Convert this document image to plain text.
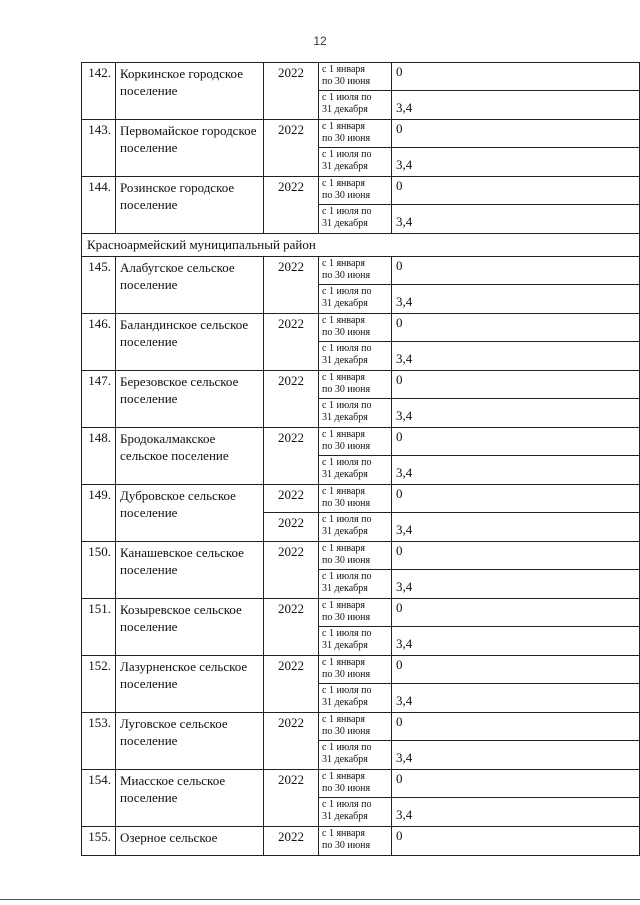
12
142.	Коркинское городское поселение	2022	с 1 января
по 30 июня	0
			с 1 июля по
31 декабря	3,4
143.	Первомайское городское поселение	2022	с 1 января
по 30 июня	0
			с 1 июля по
31 декабря	3,4
144.	Розинское городское поселение	2022	с 1 января
по 30 июня	0
			с 1 июля по
31 декабря	3,4
Красноармейский муниципальный район				
145.	Алабугское сельское поселение	2022	с 1 января
по 30 июня	0
			с 1 июля по
31 декабря	3,4
146.	Баландинское сельское поселение	2022	с 1 января
по 30 июня	0
			с 1 июля по
31 декабря	3,4
147.	Березовское сельское поселение	2022	с 1 января
по 30 июня	0
			с 1 июля по
31 декабря	3,4
148.	Бродокалмакское сельское поселение	2022	с 1 января
по 30 июня	0
			с 1 июля по
31 декабря	3,4
149.	Дубровское сельское поселение	2022	с 1 января
по 30 июня	0
		2022	с 1 июля по
31 декабря	3,4
150.	Канашевское сельское поселение	2022	с 1 января
по 30 июня	0
			с 1 июля по
31 декабря	3,4
151.	Козыревское сельское поселение	2022	с 1 января
по 30 июня	0
			с 1 июля по
31 декабря	3,4
152.	Лазурненское сельское поселение	2022	с 1 января
по 30 июня	0
			с 1 июля по
31 декабря	3,4
153.	Луговское сельское поселение	2022	с 1 января
по 30 июня	0
			с 1 июля по
31 декабря	3,4
154.	Миасское сельское поселение	2022	с 1 января
по 30 июня	0
			с 1 июля по
31 декабря	3,4
155.	Озерное сельское	2022	с 1 января
по 30 июня	0
